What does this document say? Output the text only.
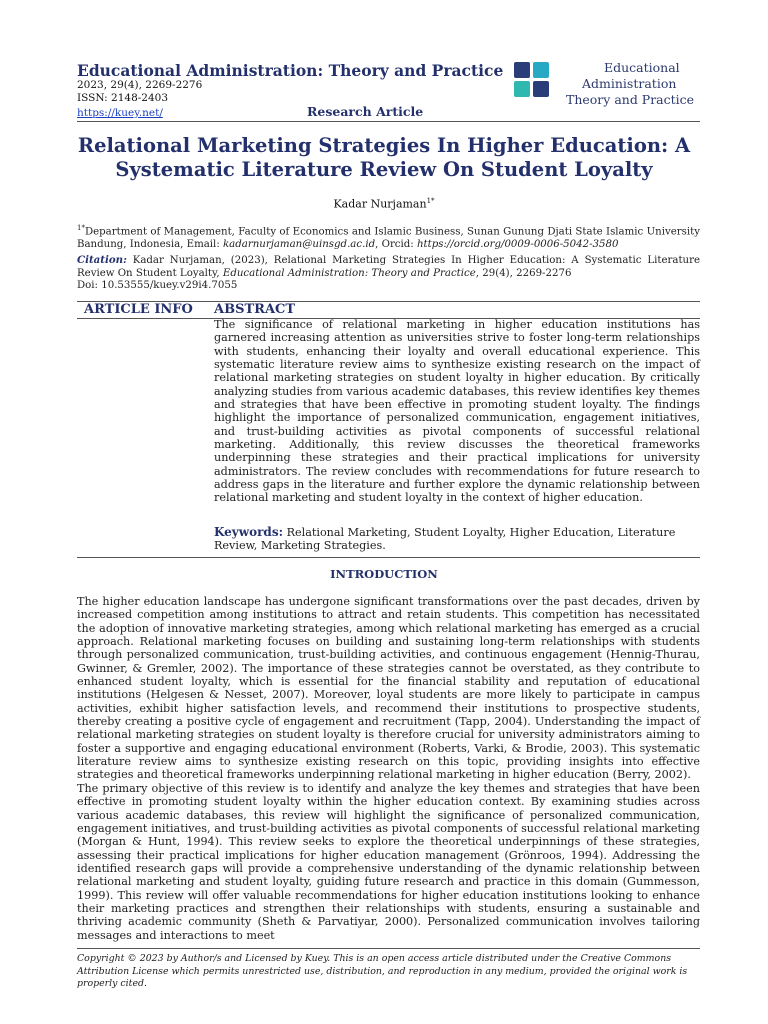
Educational Administration: Theory and Practice
2023, 29(4), 2269-2276
ISSN: 2148-2403
https://kuey.net/	Research Article
Educational
Administration
Theory and Practice
Relational Marketing Strategies In Higher Education: A Systematic Literature Review On Student Loyalty
Kadar Nurjaman$^{1*}$
$^{1*}$Department of Management, Faculty of Economics and Islamic Business, Sunan Gunung Djati State Islamic University Bandung, Indonesia, Email: kadarnurjaman@uinsgd.ac.id, Orcid: https://orcid.org/0009-0006-5042-3580
Citation: Kadar Nurjaman, (2023), Relational Marketing Strategies In Higher Education: A Systematic Literature Review On Student Loyalty, Educational Administration: Theory and Practice, 29(4), 2269-2276
Doi: 10.53555/kuey.v29i4.7055
ARTICLE INFO ABSTRACT
The significance of relational marketing in higher education institutions has garnered increasing attention as universities strive to foster long-term relationships with students, enhancing their loyalty and overall educational experience. This systematic literature review aims to synthesize existing research on the impact of relational marketing strategies on student loyalty in higher education. By critically analyzing studies from various academic databases, this review identifies key themes and strategies that have been effective in promoting student loyalty. The findings highlight the importance of personalized communication, engagement initiatives, and trust-building activities as pivotal components of successful relational marketing. Additionally, this review discusses the theoretical frameworks underpinning these strategies and their practical implications for university administrators. The review concludes with recommendations for future research to address gaps in the literature and further explore the dynamic relationship between relational marketing and student loyalty in the context of higher education.
Keywords: Relational Marketing, Student Loyalty, Higher Education, Literature Review, Marketing Strategies.
INTRODUCTION

The higher education landscape has undergone significant transformations over the past decades, driven by increased competition among institutions to attract and retain students. This competition has necessitated the adoption of innovative marketing strategies, among which relational marketing has emerged as a crucial approach. Relational marketing focuses on building and sustaining long-term relationships with students through personalized communication, trust-building activities, and continuous engagement (Hennig-Thurau, Gwinner, & Gremler, 2002). The importance of these strategies cannot be overstated, as they contribute to enhanced student loyalty, which is essential for the financial stability and reputation of educational institutions (Helgesen & Nesset, 2007). Moreover, loyal students are more likely to participate in campus activities, exhibit higher satisfaction levels, and recommend their institutions to prospective students, thereby creating a positive cycle of engagement and recruitment (Tapp, 2004). Understanding the impact of relational marketing strategies on student loyalty is therefore crucial for university administrators aiming to foster a supportive and engaging educational environment (Roberts, Varki, & Brodie, 2003). This systematic literature review aims to synthesize existing research on this topic, providing insights into effective strategies and theoretical frameworks underpinning relational marketing in higher education (Berry, 2002).

The primary objective of this review is to identify and analyze the key themes and strategies that have been effective in promoting student loyalty within the higher education context. By examining studies across various academic databases, this review will highlight the significance of personalized communication, engagement initiatives, and trust-building activities as pivotal components of successful relational marketing (Morgan & Hunt, 1994). This review seeks to explore the theoretical underpinnings of these strategies, assessing their practical implications for higher education management (Grönroos, 1994). Addressing the identified research gaps will provide a comprehensive understanding of the dynamic relationship between relational marketing and student loyalty, guiding future research and practice in this domain (Gummesson, 1999). This review will offer valuable recommendations for higher education institutions looking to enhance their marketing practices and strengthen their relationships with students, ensuring a sustainable and thriving academic community (Sheth & Parvatiyar, 2000). Personalized communication involves tailoring messages and interactions to meet

Copyright © 2023 by Author/s and Licensed by Kuey. This is an open access article distributed under the Creative Commons Attribution License which permits unrestricted use, distribution, and reproduction in any medium, provided the original work is properly cited.
